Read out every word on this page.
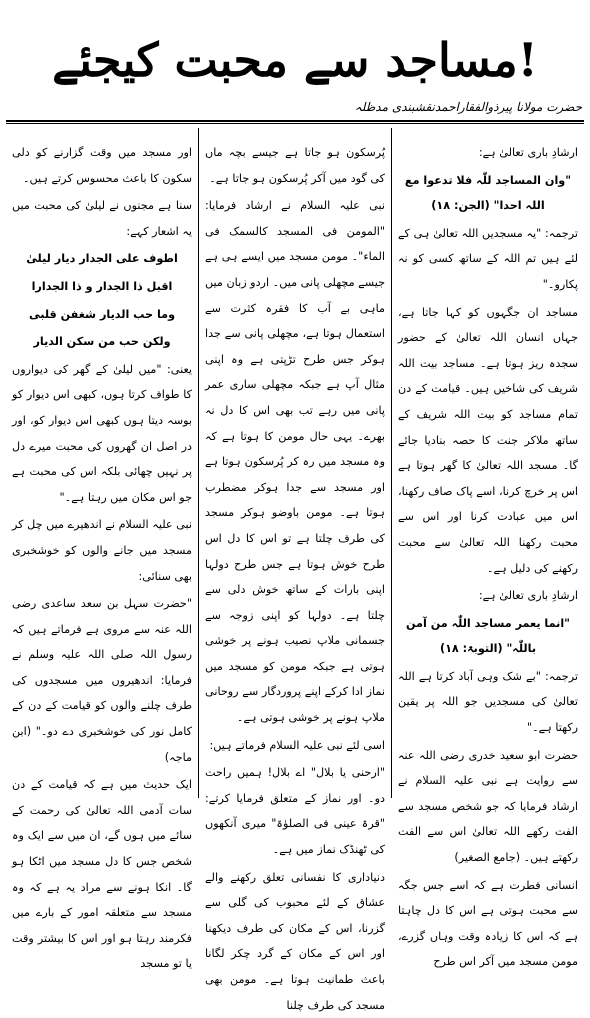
مساجد سے محبت کیجئے!
حضرت مولانا پیرذوالفقاراحمدنقشبندی مدظلہ

ارشادِ باری تعالیٰ ہے:

"وان المساجد للّٰہ فلا تدعوا مع اللہ احدا" (الجن: ۱۸)

ترجمہ: "یہ مسجدیں اللہ تعالیٰ ہی کے لئے ہیں تم اللہ کے ساتھ کسی کو نہ پکارو۔"

مساجد ان جگہوں کو کہا جاتا ہے، جہاں انسان اللہ تعالیٰ کے حضور سجدہ ریز ہوتا ہے۔ مساجد بیت اللہ شریف کی شاخیں ہیں۔ قیامت کے دن تمام مساجد کو بیت اللہ شریف کے ساتھ ملاکر جنت کا حصہ بنادیا جائے گا۔ مسجد اللہ تعالیٰ کا گھر ہوتا ہے اس پر خرچ کرنا، اسے پاک صاف رکھنا، اس میں عبادت کرنا اور اس سے محبت رکھنا اللہ تعالیٰ سے محبت رکھنے کی دلیل ہے۔

ارشادِ باری تعالیٰ ہے:

"انما یعمر مساجد اللّٰہ من آمن باللّٰہ" (التوبۃ: ۱۸)

ترجمہ: "بے شک وہی آباد کرتا ہے اللہ تعالیٰ کی مسجدیں جو اللہ پر یقین رکھتا ہے۔"

حضرت ابو سعید خدری رضی اللہ عنہ سے روایت ہے نبی علیہ السلام نے ارشاد فرمایا کہ جو شخص مسجد سے الفت رکھے اللہ تعالیٰ اس سے الفت رکھتے ہیں۔ (جامع الصغیر)

انسانی فطرت ہے کہ اسے جس جگہ سے محبت ہوتی ہے اس کا دل چاہتا ہے کہ اس کا زیادہ وقت وہاں گزرے، مومن مسجد میں آکر اس طرح

پُرسکون ہو جاتا ہے جیسے بچہ ماں کی گود میں آکر پُرسکون ہو جاتا ہے۔

نبی علیہ السلام نے ارشاد فرمایا: "المومن فی المسجد کالسمک فی الماء"۔ مومن مسجد میں ایسے ہی ہے جیسے مچھلی پانی میں۔ اردو زبان میں ماہی بے آب کا فقرہ کثرت سے استعمال ہوتا ہے، مچھلی پانی سے جدا ہوکر جس طرح تڑپتی ہے وہ اپنی مثال آپ ہے جبکہ مچھلی ساری عمر پانی میں رہے تب بھی اس کا دل نہ بھرے۔ یہی حال مومن کا ہوتا ہے کہ وہ مسجد میں رہ کر پُرسکون ہوتا ہے اور مسجد سے جدا ہوکر مضطرب ہوتا ہے۔ مومن باوضو ہوکر مسجد کی طرف چلتا ہے تو اس کا دل اس طرح خوش ہوتا ہے جس طرح دولہا اپنی بارات کے ساتھ خوش دلی سے چلتا ہے۔ دولہا کو اپنی زوجہ سے جسمانی ملاپ نصیب ہونے پر خوشی ہوتی ہے جبکہ مومن کو مسجد میں نماز ادا کرکے اپنے پروردگار سے روحانی ملاپ ہونے پر خوشی ہوتی ہے۔

اسی لئے نبی علیہ السلام فرماتے ہیں:

"ارحنی یا بلال" اے بلال! ہمیں راحت دو۔ اور نماز کے متعلق فرمایا کرتے: "قرۃ عینی فی الصلوٰۃ" میری آنکھوں کی ٹھنڈک نماز میں ہے۔

دنیاداری کا نفسانی تعلق رکھنے والے عشاق کے لئے محبوب کی گلی سے گزرنا، اس کے مکان کی طرف دیکھنا اور اس کے مکان کے گرد چکر لگانا باعث طمانیت ہوتا ہے۔ مومن بھی مسجد کی طرف چلنا

اور مسجد میں وقت گزارنے کو دلی سکون کا باعث محسوس کرتے ہیں۔

سنا ہے مجنوں نے لیلیٰ کی محبت میں یہ اشعار کہے:

اطوف علی الجدار دیار لیلیٰ

اقبل ذا الجدار و ذا الجدارا

وما حب الدیار شغفن قلبی

ولکن حب من سکن الدیار

یعنی: "میں لیلیٰ کے گھر کی دیواروں کا طواف کرتا ہوں، کبھی اس دیوار کو بوسہ دیتا ہوں کبھی اس دیوار کو، اور در اصل ان گھروں کی محبت میرے دل پر نہیں چھائی بلکہ اس کی محبت ہے جو اس مکان میں رہتا ہے۔"

نبی علیہ السلام نے اندھیرے میں چل کر مسجد میں جانے والوں کو خوشخبری بھی سنائی:

"حضرت سہل بن سعد ساعدی رضی اللہ عنہ سے مروی ہے فرماتے ہیں کہ رسول اللہ صلی اللہ علیہ وسلم نے فرمایا: اندھیروں میں مسجدوں کی طرف چلنے والوں کو قیامت کے دن کے کامل نور کی خوشخبری دے دو۔" (ابن ماجہ)

ایک حدیث میں ہے کہ قیامت کے دن سات آدمی اللہ تعالیٰ کی رحمت کے سائے میں ہوں گے، ان میں سے ایک وہ شخص جس کا دل مسجد میں اٹکا ہو گا۔ انکا ہونے سے مراد یہ ہے کہ وہ مسجد سے متعلقہ امور کے بارے میں فکرمند رہتا ہو اور اس کا بیشتر وقت یا تو مسجد
